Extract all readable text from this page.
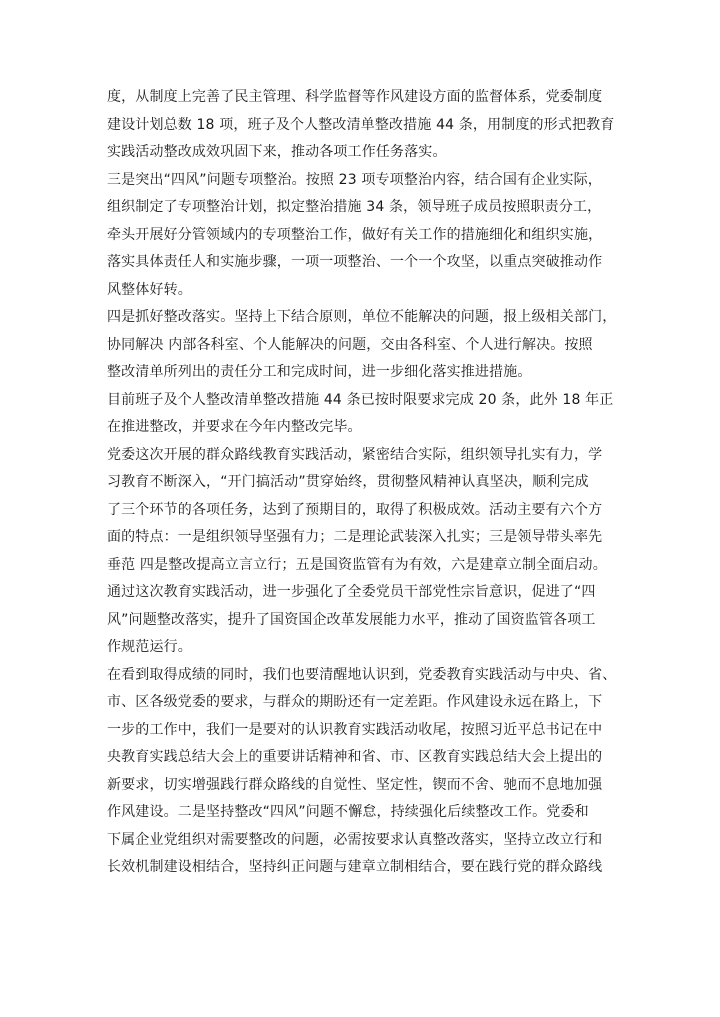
度，从制度上完善了民主管理、科学监督等作风建设方面的监督体系，党委制度
建设计划总数 18 项，班子及个人整改清单整改措施 44 条，用制度的形式把教育
实践活动整改成效巩固下来，推动各项工作任务落实。
三是突出“四风”问题专项整治。按照 23 项专项整治内容，结合国有企业实际，
组织制定了专项整治计划，拟定整治措施 34 条，领导班子成员按照职责分工，
牵头开展好分管领域内的专项整治工作，做好有关工作的措施细化和组织实施，
落实具体责任人和实施步骤，一项一项整治、一个一个攻坚，以重点突破推动作
风整体好转。
四是抓好整改落实。坚持上下结合原则，单位不能解决的问题，报上级相关部门，
协同解决 内部各科室、个人能解决的问题，交由各科室、个人进行解决。按照
整改清单所列出的责任分工和完成时间，进一步细化落实推进措施。
目前班子及个人整改清单整改措施 44 条已按时限要求完成 20 条，此外 18 年正
在推进整改，并要求在今年内整改完毕。
党委这次开展的群众路线教育实践活动，紧密结合实际，组织领导扎实有力，学
习教育不断深入，“开门搞活动”贯穿始终，贯彻整风精神认真坚决，顺利完成
了三个环节的各项任务，达到了预期目的，取得了积极成效。活动主要有六个方
面的特点：一是组织领导坚强有力；二是理论武装深入扎实；三是领导带头率先
垂范 四是整改提高立言立行；五是国资监管有为有效，六是建章立制全面启动。
通过这次教育实践活动，进一步强化了全委党员干部党性宗旨意识，促进了“四
风”问题整改落实，提升了国资国企改革发展能力水平，推动了国资监管各项工
作规范运行。
在看到取得成绩的同时，我们也要清醒地认识到，党委教育实践活动与中央、省、
市、区各级党委的要求，与群众的期盼还有一定差距。作风建设永远在路上，下
一步的工作中，我们一是要对的认识教育实践活动收尾，按照习近平总书记在中
央教育实践总结大会上的重要讲话精神和省、市、区教育实践总结大会上提出的
新要求，切实增强践行群众路线的自觉性、坚定性，锲而不舍、驰而不息地加强
作风建设。二是坚持整改“四风”问题不懈怠，持续强化后续整改工作。党委和
下属企业党组织对需要整改的问题，必需按要求认真整改落实，坚持立改立行和
长效机制建设相结合，坚持纠正问题与建章立制相结合，要在践行党的群众路线
